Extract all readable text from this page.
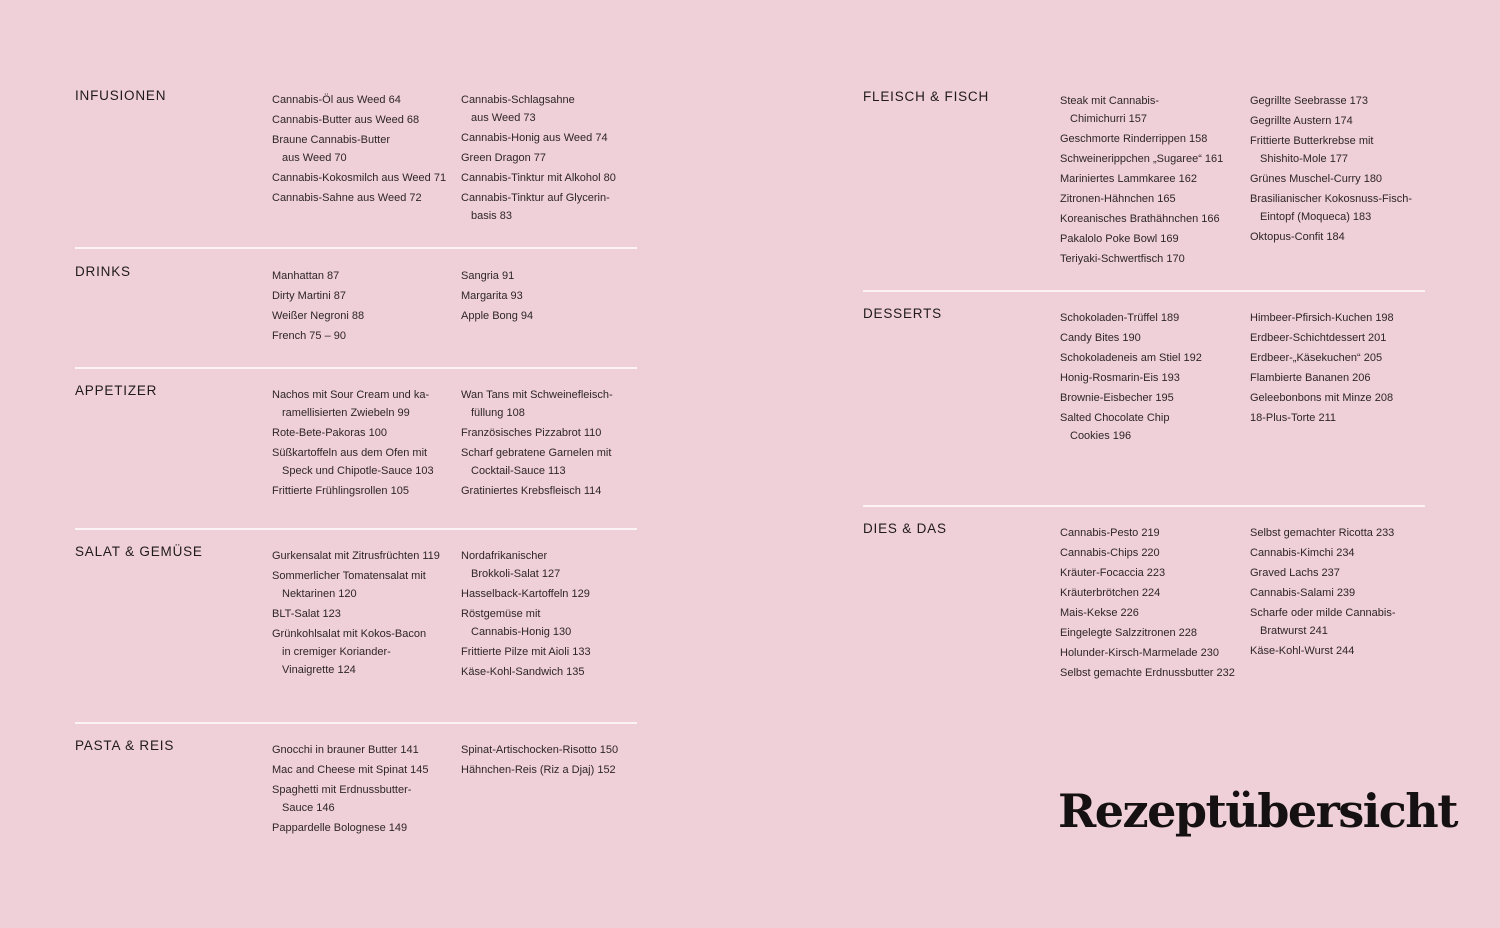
INFUSIONEN	Cannabis-Öl aus Weed 64
Cannabis-Butter aus Weed 68
Braune Cannabis-Butter
aus Weed 70
Cannabis-Kokosmilch aus Weed 71
Cannabis-Sahne aus Weed 72
Cannabis-Schlagsahne
aus Weed 73
Cannabis-Honig aus Weed 74
Green Dragon 77
Cannabis-Tinktur mit Alkohol 80
Cannabis-Tinktur auf Glycerin-
basis 83
DRINKS	Manhattan 87
Dirty Martini 87
Weißer Negroni 88
French 75 – 90
Sangria 91
Margarita 93
Apple Bong 94
APPETIZER	Nachos mit Sour Cream und ka-
ramellisierten Zwiebeln 99
Rote-Bete-Pakoras 100
Süßkartoffeln aus dem Ofen mit
Speck und Chipotle-Sauce 103
Frittierte Frühlingsrollen 105
Wan Tans mit Schweinefleisch-
füllung 108
Französisches Pizzabrot 110
Scharf gebratene Garnelen mit
Cocktail-Sauce 113
Gratiniertes Krebsfleisch 114
SALAT & GEMÜSE	Gurkensalat mit Zitrusfrüchten 119
Sommerlicher Tomatensalat mit
Nektarinen 120
BLT-Salat 123
Grünkohlsalat mit Kokos-Bacon
in cremiger Koriander-
Vinaigrette 124
Nordafrikanischer
Brokkoli-Salat 127
Hasselback-Kartoffeln 129
Röstgemüse mit
Cannabis-Honig 130
Frittierte Pilze mit Aioli 133
Käse-Kohl-Sandwich 135
PASTA & REIS	Gnocchi in brauner Butter 141
Mac and Cheese mit Spinat 145
Spaghetti mit Erdnussbutter-
Sauce 146
Pappardelle Bolognese 149
Spinat-Artischocken-Risotto 150
Hähnchen-Reis (Riz a Djaj) 152
FLEISCH & FISCH	Steak mit Cannabis-
Chimichurri 157
Geschmorte Rinderrippen 158
Schweinerippchen „Sugaree“ 161
Mariniertes Lammkaree 162
Zitronen-Hähnchen 165
Koreanisches Brathähnchen 166
Pakalolo Poke Bowl 169
Teriyaki-Schwertfisch 170
Gegrillte Seebrasse 173
Gegrillte Austern 174
Frittierte Butterkrebse mit
Shishito-Mole 177
Grünes Muschel-Curry 180
Brasilianischer Kokosnuss-Fisch-
Eintopf (Moqueca) 183
Oktopus-Confit 184
DESSERTS	Schokoladen-Trüffel 189
Candy Bites 190
Schokoladeneis am Stiel 192
Honig-Rosmarin-Eis 193
Brownie-Eisbecher 195
Salted Chocolate Chip
Cookies 196
Himbeer-Pfirsich-Kuchen 198
Erdbeer-Schichtdessert 201
Erdbeer-„Käsekuchen“ 205
Flambierte Bananen 206
Geleebonbons mit Minze 208
18-Plus-Torte 211
DIES & DAS	Cannabis-Pesto 219
Cannabis-Chips 220
Kräuter-Focaccia 223
Kräuterbrötchen 224
Mais-Kekse 226
Eingelegte Salzzitronen 228
Holunder-Kirsch-Marmelade 230
Selbst gemachte Erdnussbutter 232
Selbst gemachter Ricotta 233
Cannabis-Kimchi 234
Graved Lachs 237
Cannabis-Salami 239
Scharfe oder milde Cannabis-
Bratwurst 241
Käse-Kohl-Wurst 244
Rezeptübersicht
